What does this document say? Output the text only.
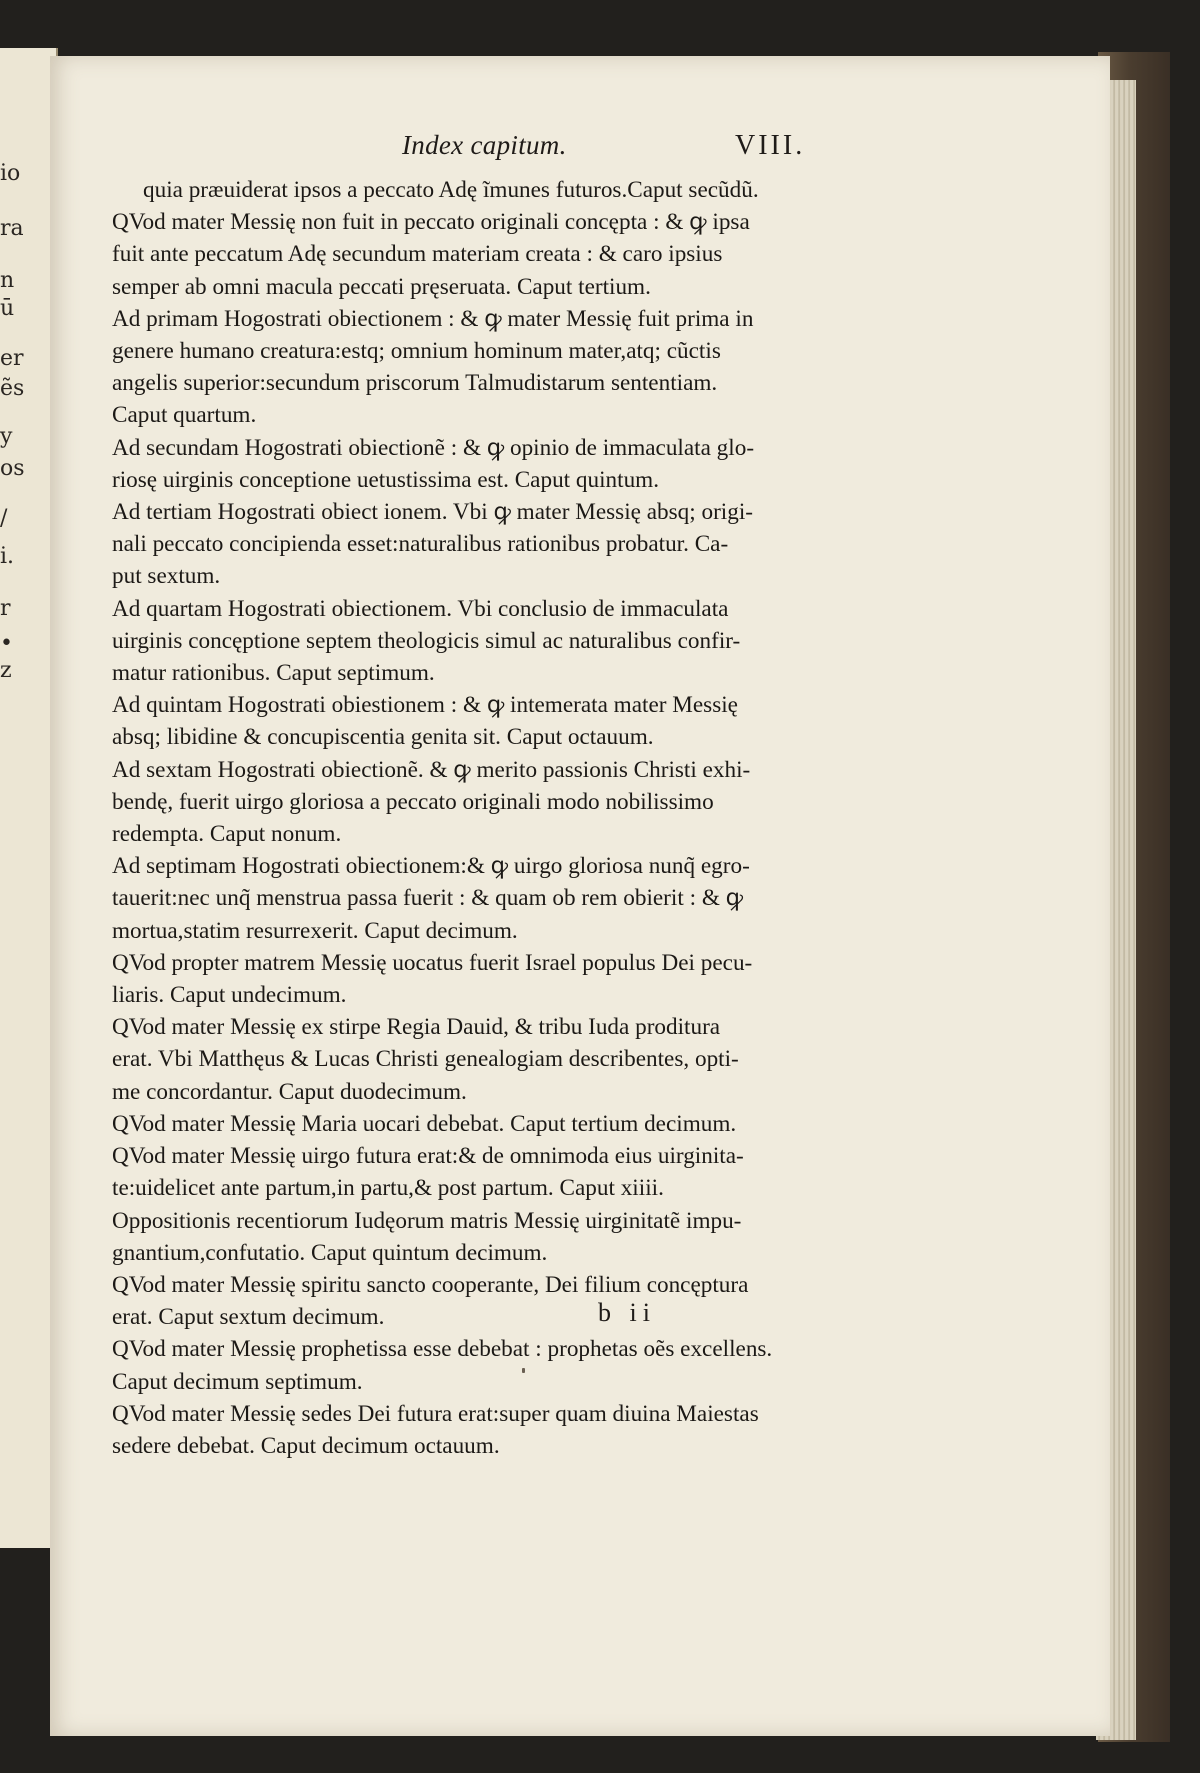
io
ra
n
ū
er
ẽs
y
os
/
i.
r
•
z
Index capitum.	VIII.
quia præuiderat ipsos a peccato Adę ĩmunes futuros.Caput secũdũ.
QVod mater Messię non fuit in peccato originali concępta : & ꝙ ipsa
fuit ante peccatum Adę secundum materiam creata : & caro ipsius
semper ab omni macula peccati pręseruata. Caput tertium.
Ad primam Hogostrati obiectionem : & ꝙ mater Messię fuit prima in
genere humano creatura:estq; omnium hominum mater,atq; cũctis
angelis superior:secundum priscorum Talmudistarum sententiam.
Caput quartum.
Ad secundam Hogostrati obiectionẽ : & ꝙ opinio de immaculata glo-
riosę uirginis conceptione uetustissima est. Caput quintum.
Ad tertiam Hogostrati obiect ionem. Vbi ꝙ mater Messię absq; origi-
nali peccato concipienda esset:naturalibus rationibus probatur. Ca-
put sextum.
Ad quartam Hogostrati obiectionem. Vbi conclusio de immaculata
uirginis concęptione septem theologicis simul ac naturalibus confir-
matur rationibus. Caput septimum.
Ad quintam Hogostrati obiestionem : & ꝙ intemerata mater Messię
absq; libidine & concupiscentia genita sit. Caput octauum.
Ad sextam Hogostrati obiectionẽ. & ꝙ merito passionis Christi exhi-
bendę, fuerit uirgo gloriosa a peccato originali modo nobilissimo
redempta. Caput nonum.
Ad septimam Hogostrati obiectionem:& ꝙ uirgo gloriosa nunq̃ egro-
tauerit:nec unq̃ menstrua passa fuerit : & quam ob rem obierit : & ꝙ
mortua,statim resurrexerit. Caput decimum.
QVod propter matrem Messię uocatus fuerit Israel populus Dei pecu-
liaris. Caput undecimum.
QVod mater Messię ex stirpe Regia Dauid, & tribu Iuda proditura
erat. Vbi Matthęus & Lucas Christi genealogiam describentes, opti-
me concordantur. Caput duodecimum.
QVod mater Messię Maria uocari debebat. Caput tertium decimum.
QVod mater Messię uirgo futura erat:& de omnimoda eius uirginita-
te:uidelicet ante partum,in partu,& post partum. Caput xiiii.
Oppositionis recentiorum Iudęorum matris Messię uirginitatẽ impu-
gnantium,confutatio. Caput quintum decimum.
QVod mater Messię spiritu sancto cooperante, Dei filium concęptura
erat. Caput sextum decimum.
QVod mater Messię prophetissa esse debebat : prophetas oẽs excellens.
Caput decimum septimum.
QVod mater Messię sedes Dei futura erat:super quam diuina Maiestas
sedere debebat. Caput decimum octauum.
b ii
